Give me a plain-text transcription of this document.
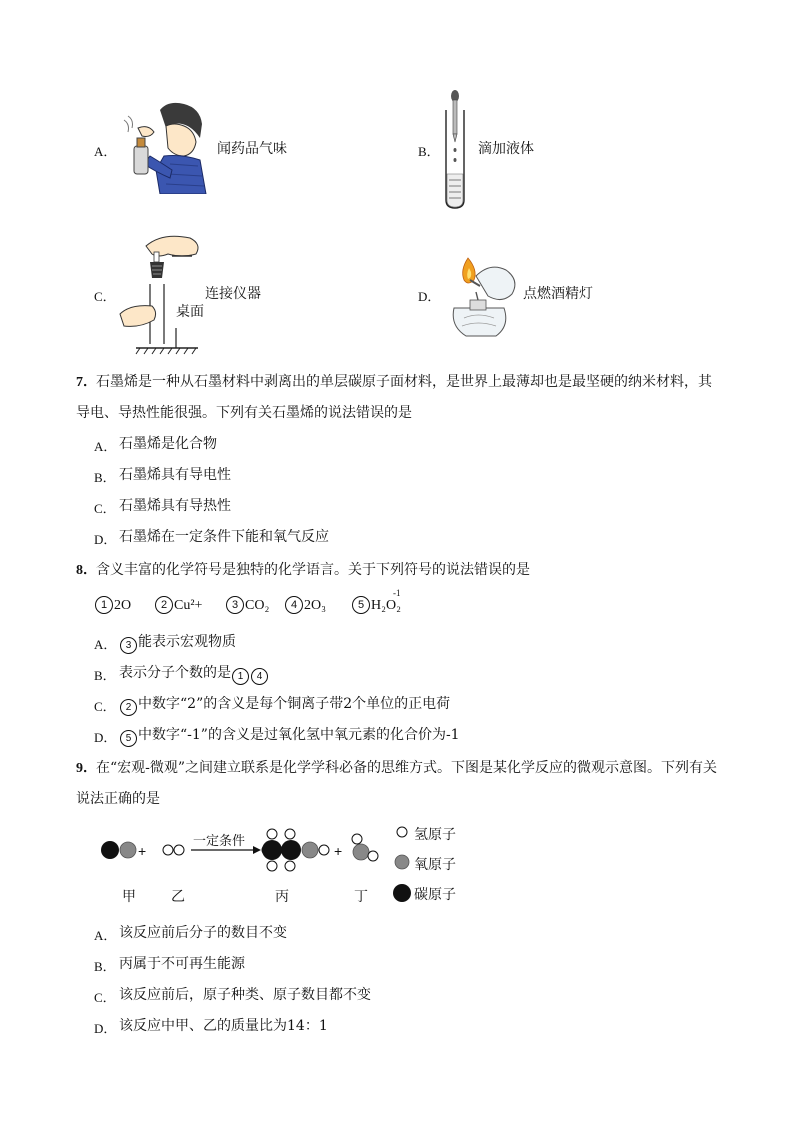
A．	闻药品气味	B．	滴加液体
C．	连接仪器
桌面
D．	点燃酒精灯
7． 石墨烯是一种从石墨材料中剥离出的单层碳原子面材料，是世界上最薄却也是最坚硬的纳米材料，其
导电、导热性能很强。下列有关石墨烯的说法错误的是
A． 石墨烯是化合物
B． 石墨烯具有导电性
C． 石墨烯具有导热性
D． 石墨烯在一定条件下能和氧气反应
8． 含义丰富的化学符号是独特的化学语言。关于下列符号的说法错误的是
1 2O	2 Cu²+	3 CO₂	4 2O₃	5 H₂O₂
-1
A． 3 能表示宏观物质
B． 表示分子个数的是 1 4
C．	2 中数字“2”的含义是每个铜离子带2个单位的正电荷
D． 5 中数字“-1”的含义是过氧化氢中氧元素的化合价为-1
9． 在“宏观-微观”之间建立联系是化学学科必备的思维方式。下图是某化学反应的微观示意图。下列有关
说法正确的是
+	+
一定条件
甲	乙	丙	丁
氢原子
氧原子
碳原子
A． 该反应前后分子的数目不变
B． 丙属于不可再生能源
C． 该反应前后，原子种类、原子数目都不变
D． 该反应中甲、乙的质量比为14：1
